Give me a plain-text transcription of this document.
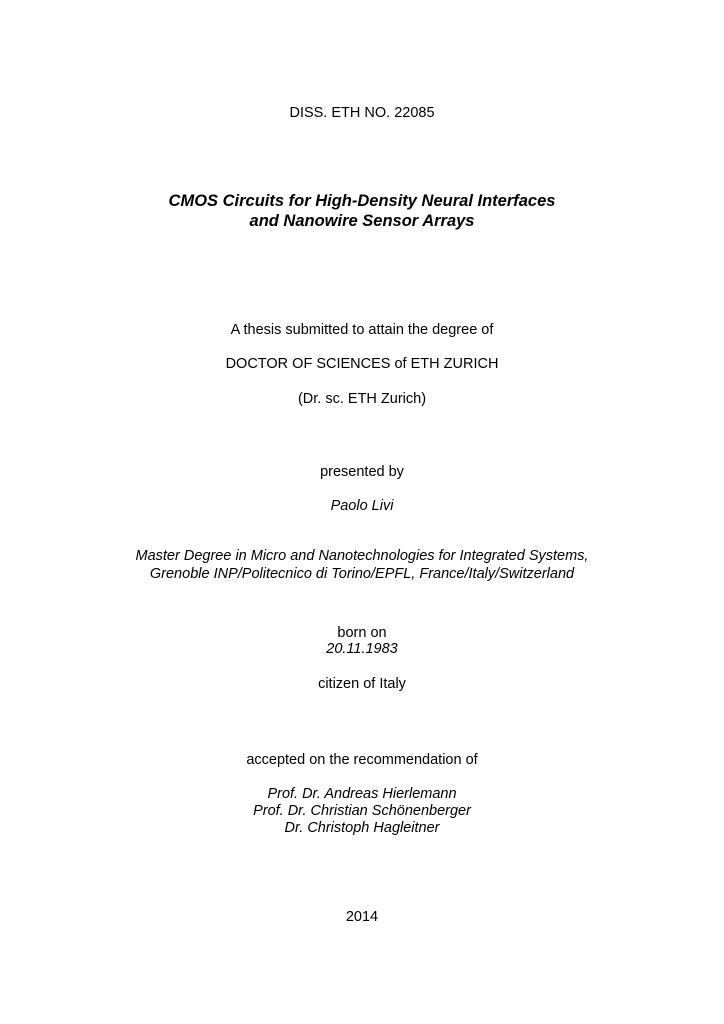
DISS. ETH NO. 22085
CMOS Circuits for High-Density Neural Interfaces
and Nanowire Sensor Arrays
A thesis submitted to attain the degree of
DOCTOR OF SCIENCES of ETH ZURICH
(Dr. sc. ETH Zurich)
presented by
Paolo Livi
Master Degree in Micro and Nanotechnologies for Integrated Systems,
Grenoble INP/Politecnico di Torino/EPFL, France/Italy/Switzerland
born on
20.11.1983
citizen of Italy
accepted on the recommendation of
Prof. Dr. Andreas Hierlemann
Prof. Dr. Christian Schönenberger
Dr. Christoph Hagleitner
2014
